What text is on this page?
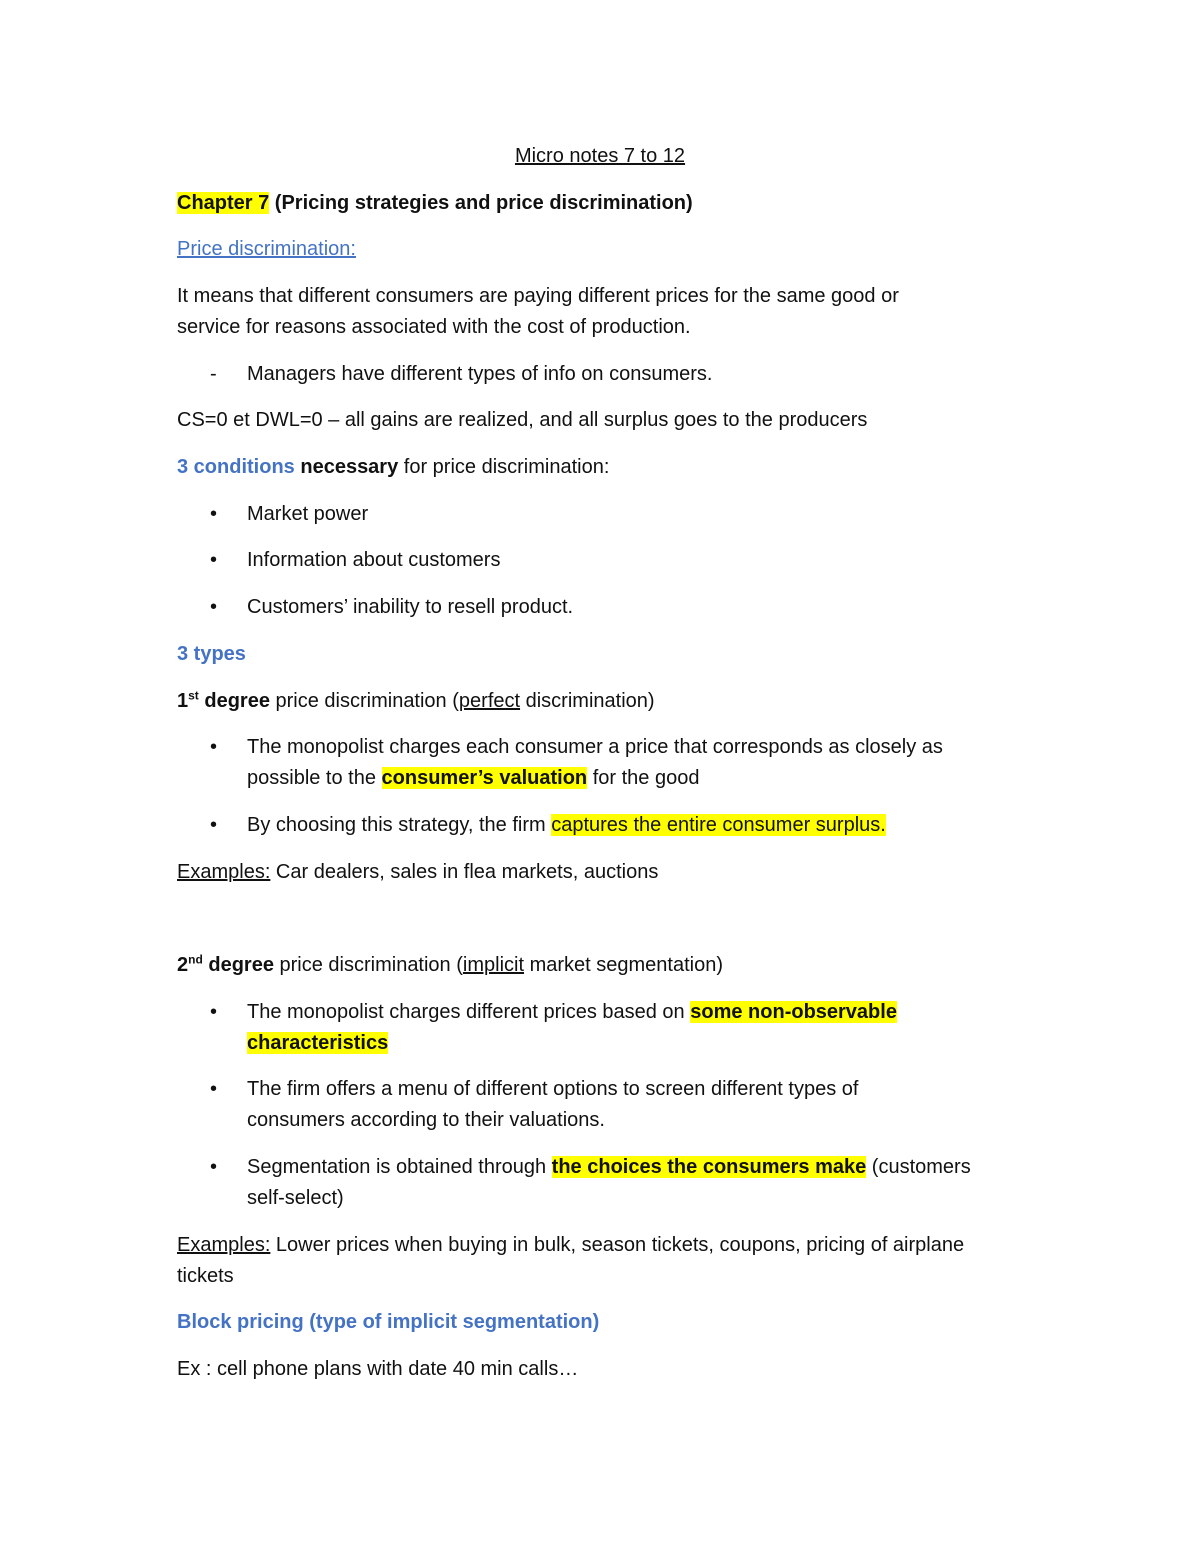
Micro notes 7 to 12
Chapter 7 (Pricing strategies and price discrimination)
Price discrimination:
It means that different consumers are paying different prices for the same good or
service for reasons associated with the cost of production.
- Managers have different types of info on consumers.
CS=0 et DWL=0 – all gains are realized, and all surplus goes to the producers
3 conditions necessary for price discrimination:
• Market power
• Information about customers
• Customers’ inability to resell product.
3 types
1st degree price discrimination (perfect discrimination)
• The monopolist charges each consumer a price that corresponds as closely as
possible to the consumer’s valuation for the good
• By choosing this strategy, the firm captures the entire consumer surplus.
Examples: Car dealers, sales in flea markets, auctions
2nd degree price discrimination (implicit market segmentation)
• The monopolist charges different prices based on some non-observable
characteristics
• The firm offers a menu of different options to screen different types of
consumers according to their valuations.
• Segmentation is obtained through the choices the consumers make (customers
self-select)
Examples: Lower prices when buying in bulk, season tickets, coupons, pricing of airplane
tickets
Block pricing (type of implicit segmentation)
Ex : cell phone plans with date 40 min calls…
